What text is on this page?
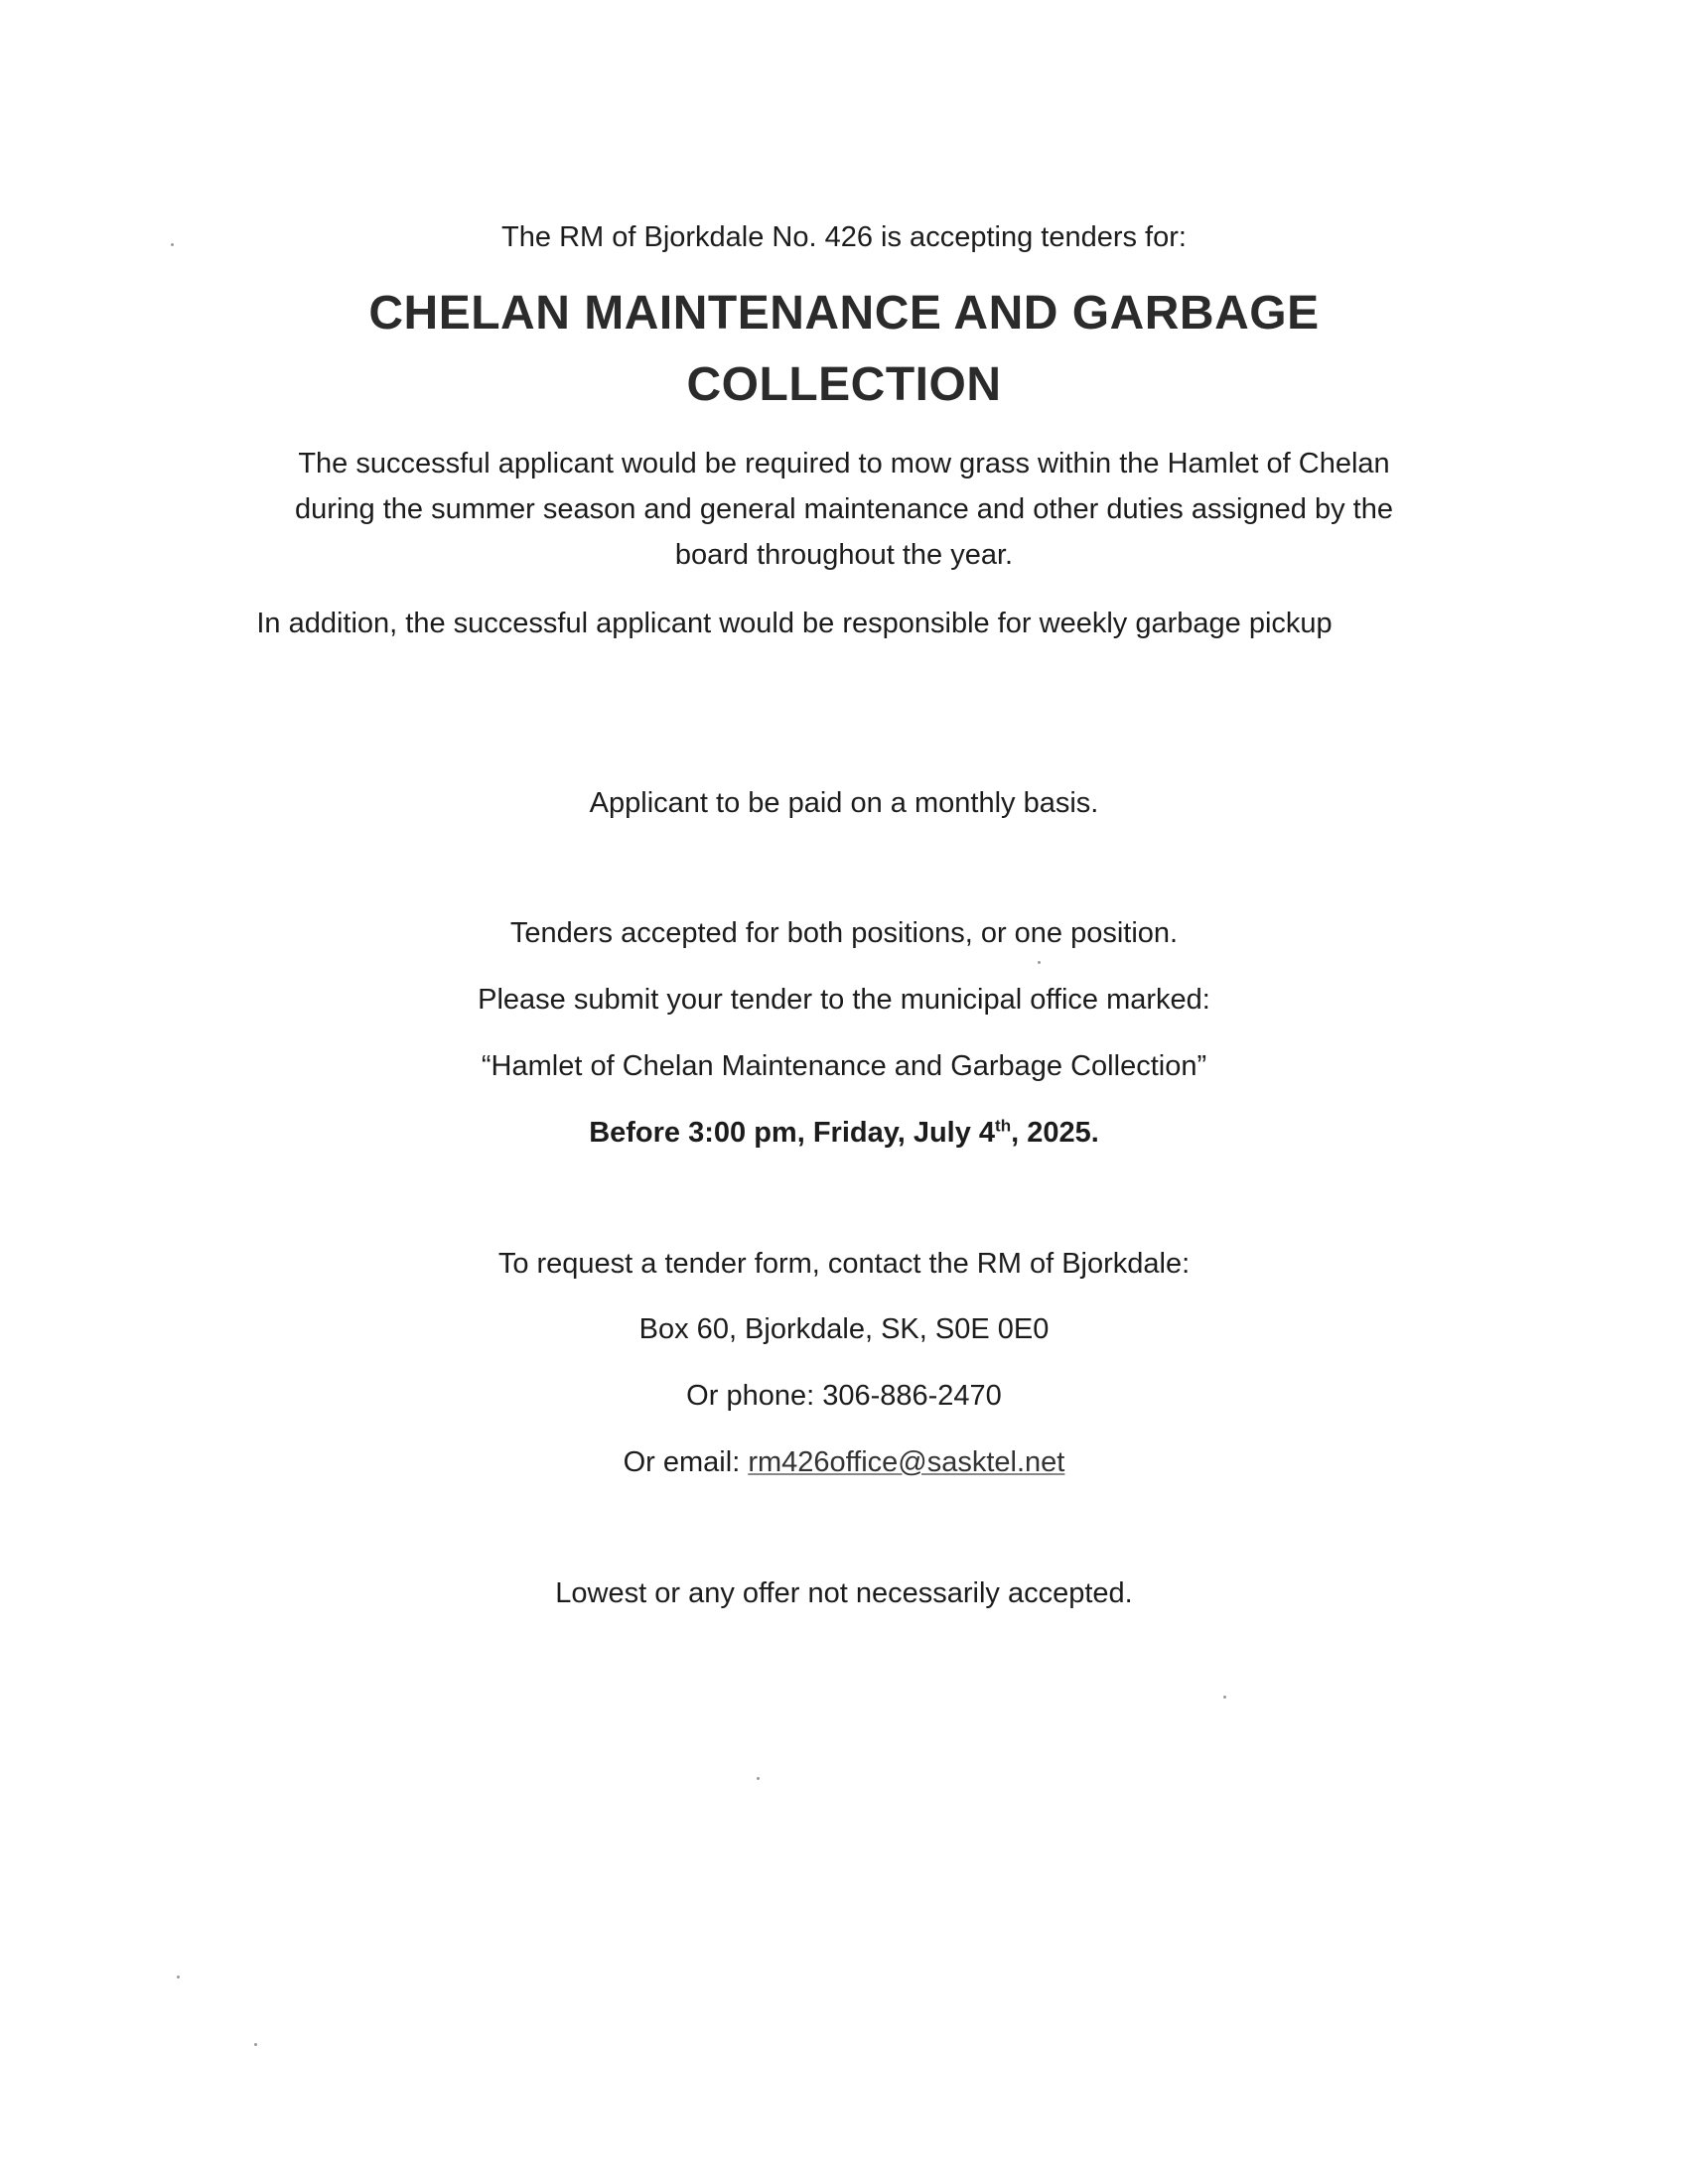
The RM of Bjorkdale No. 426 is accepting tenders for:
CHELAN MAINTENANCE AND GARBAGE
COLLECTION
The successful applicant would be required to mow grass within the Hamlet of Chelan
during the summer season and general maintenance and other duties assigned by the
board throughout the year.
In addition, the successful applicant would be responsible for weekly garbage pickup
Applicant to be paid on a monthly basis.
Tenders accepted for both positions, or one position.
Please submit your tender to the municipal office marked:
“Hamlet of Chelan Maintenance and Garbage Collection”
Before 3:00 pm, Friday, July 4th, 2025.
To request a tender form, contact the RM of Bjorkdale:
Box 60, Bjorkdale, SK, S0E 0E0
Or phone: 306-886-2470
Or email: rm426office@sasktel.net
Lowest or any offer not necessarily accepted.
